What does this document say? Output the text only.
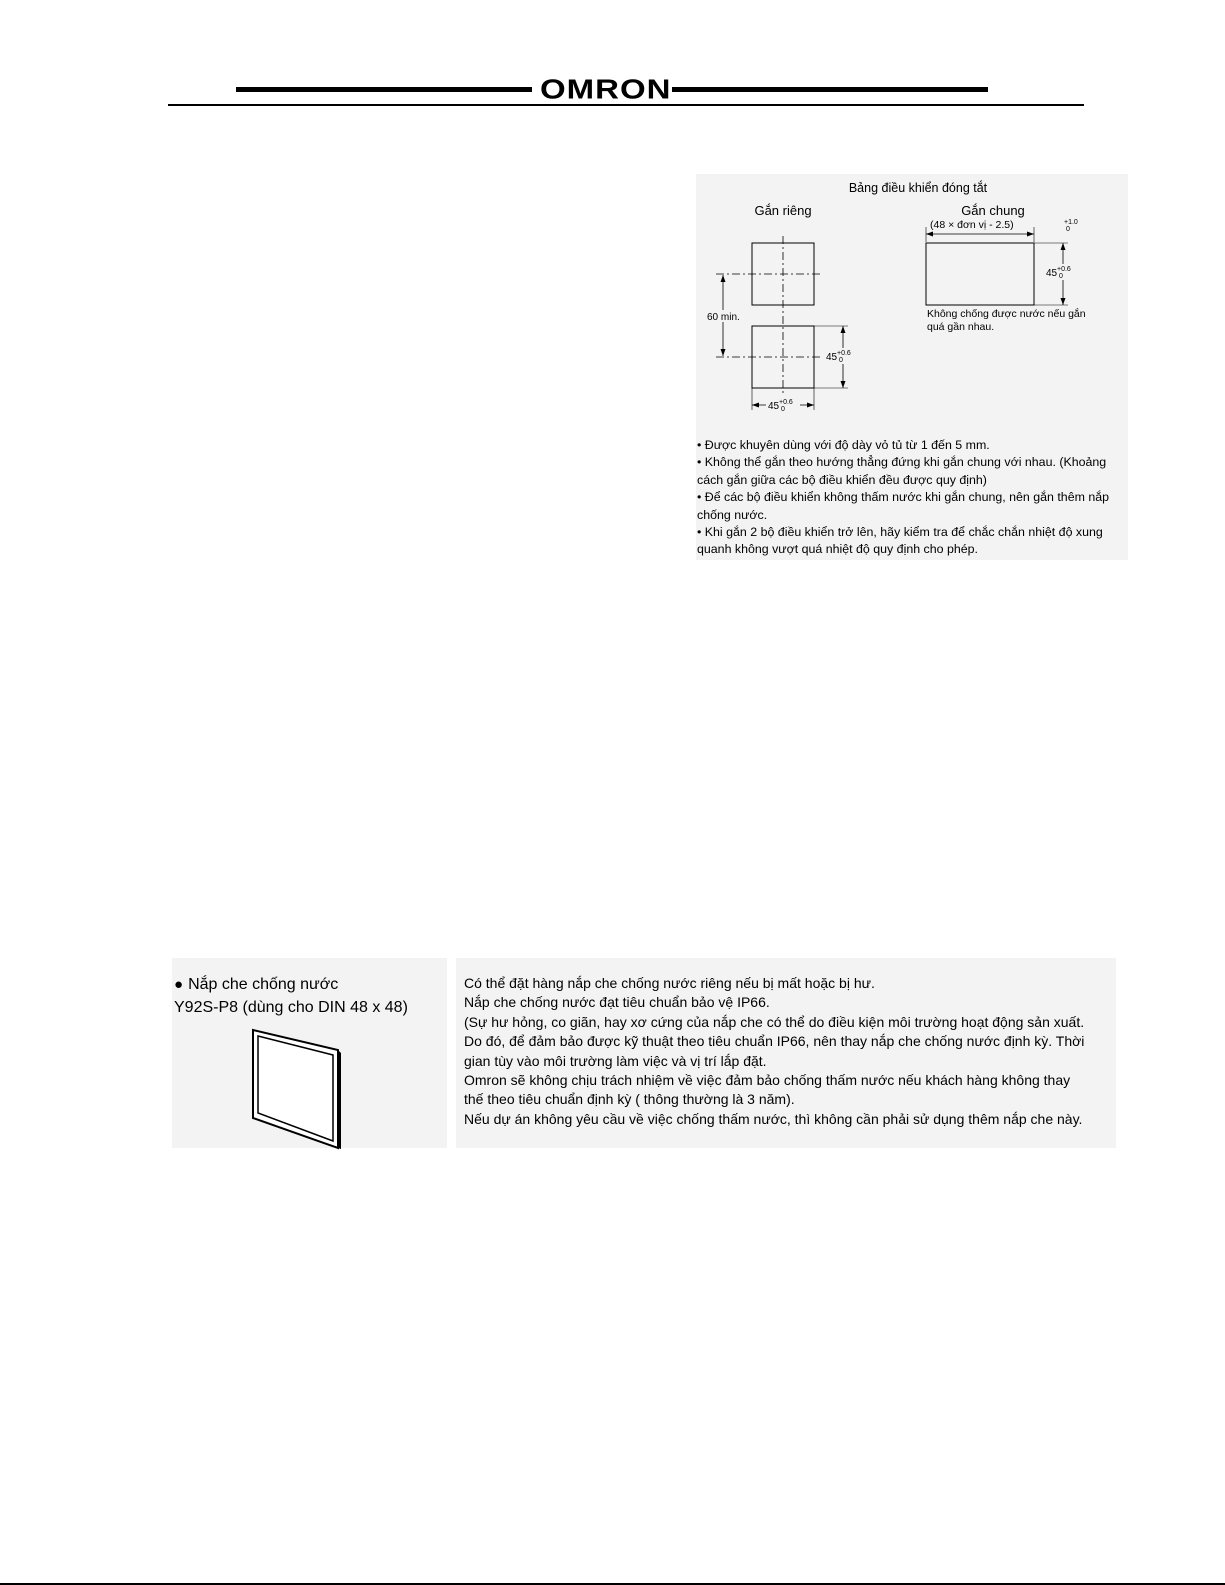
OMRON
Bảng điều khiển đóng tắt
Gắn riêng	Gắn chung
60 min.
45 +0.6
0
45 +0.6
0
(48 × đơn vị - 2.5)	+1.0
0
45 +0.6
0
Không chống được nước nếu gắn
quá gần nhau.

• Được khuyên dùng với độ dày vỏ tủ từ 1 đến 5 mm.

• Không thể gắn theo hướng thẳng đứng khi gắn chung với nhau. (Khoảng cách gắn giữa các bộ điều khiển đều được quy định)

• Để các bộ điều khiển không thấm nước khi gắn chung, nên gắn thêm nắp chống nước.

• Khi gắn 2 bộ điều khiển trở lên, hãy kiểm tra để chắc chắn nhiệt độ xung quanh không vượt quá nhiệt độ quy định cho phép.

● Nắp che chống nước
Y92S-P8 (dùng cho DIN 48 x 48)

Có thể đặt hàng nắp che chống nước riêng nếu bị mất hoặc bị hư.

Nắp che chống nước đạt tiêu chuẩn bảo vệ IP66.

(Sự hư hỏng, co giãn, hay xơ cứng của nắp che có thể do điều kiện môi trường hoạt động sản xuất.

Do đó, để đảm bảo được kỹ thuật theo tiêu chuẩn IP66, nên thay nắp che chống nước định kỳ. Thời

gian tùy vào môi trường làm việc và vị trí lắp đặt.

Omron sẽ không chịu trách nhiệm về việc đảm bảo chống thấm nước nếu khách hàng không thay

thế theo tiêu chuẩn định kỳ ( thông thường là 3 năm).

Nếu dự án không yêu cầu về việc chống thấm nước, thì không cần phải sử dụng thêm nắp che này.
